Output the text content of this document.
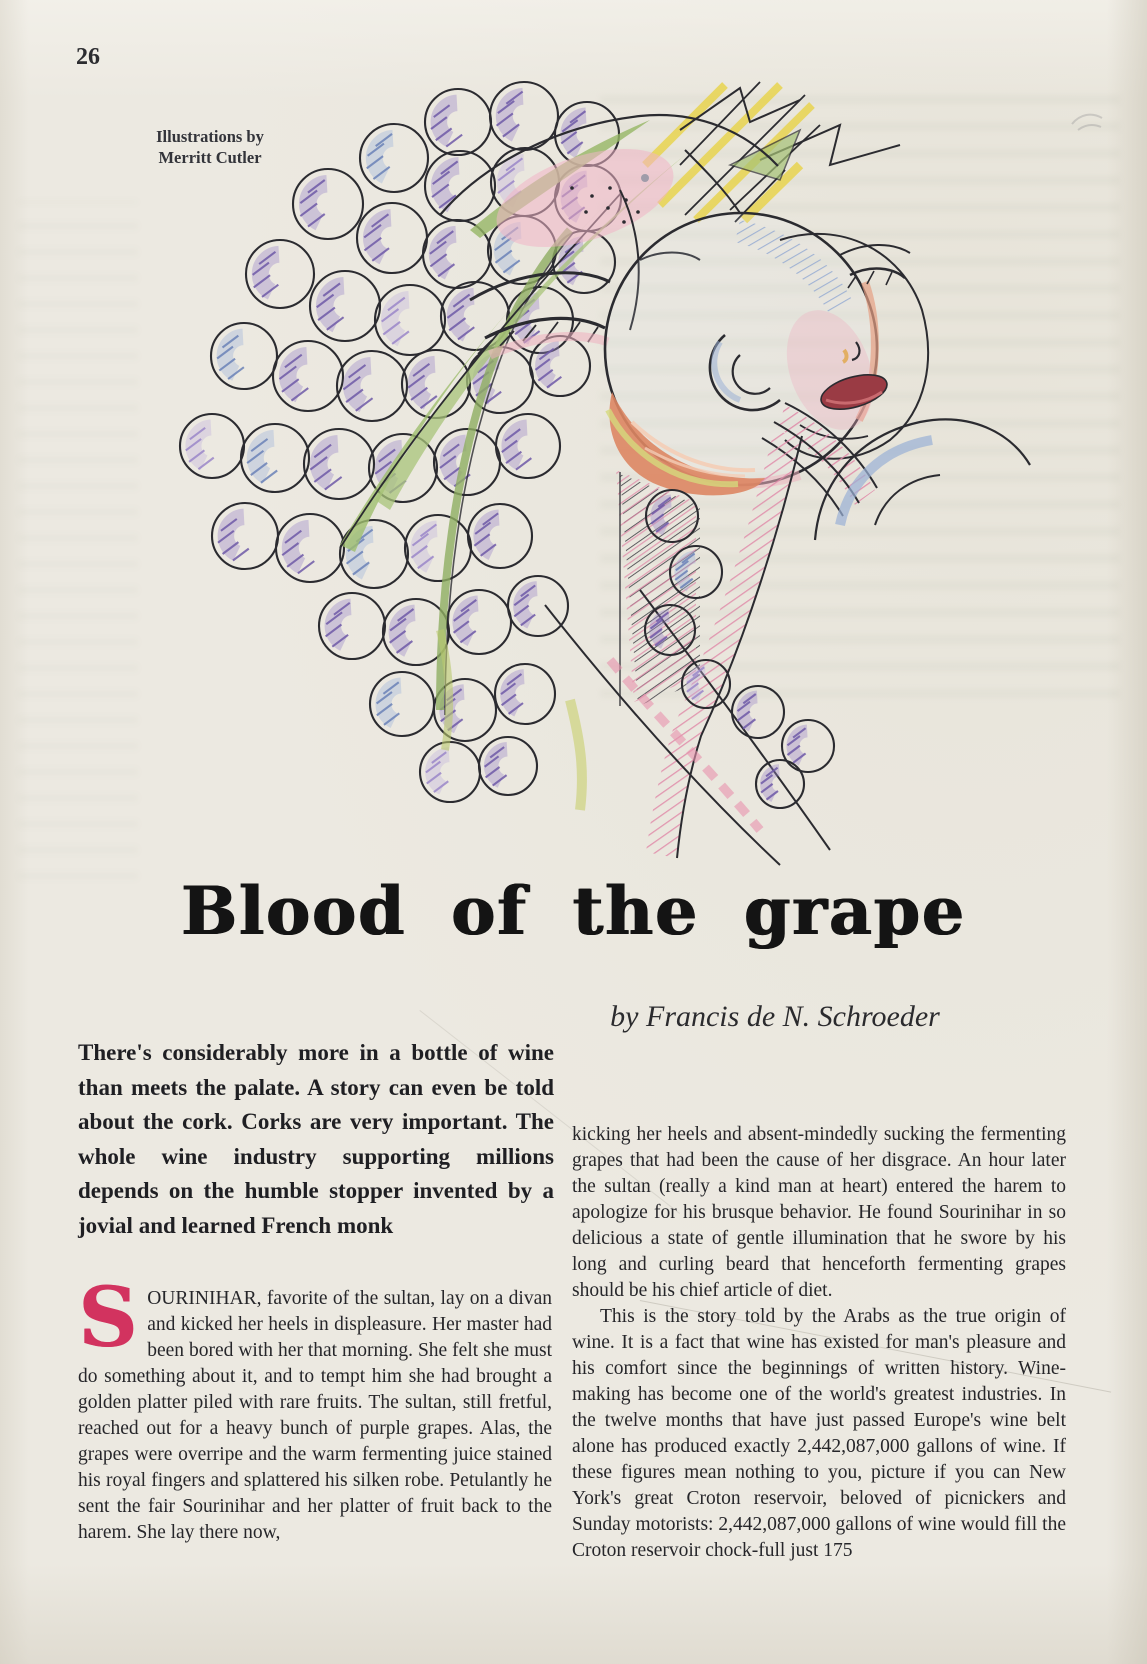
26
Illustrations by
Merritt Cutler
Blood of the grape
by Francis de N. Schroeder
There's considerably more in a bottle of wine than meets the palate. A story can even be told about the cork. Corks are very important. The whole wine industry supporting millions depends on the humble stopper invented by a jovial and learned French monk
SOURINIHAR, favorite of the sultan, lay on a divan and kicked her heels in displeasure. Her master had been bored with her that morning. She felt she must do something about it, and to tempt him she had brought a golden platter piled with rare fruits. The sultan, still fretful, reached out for a heavy bunch of purple grapes. Alas, the grapes were overripe and the warm fermenting juice stained his royal fingers and splattered his silken robe. Petulantly he sent the fair Sourinihar and her platter of fruit back to the harem. She lay there now,

kicking her heels and absent-mindedly sucking the fermenting grapes that had been the cause of her disgrace. An hour later the sultan (really a kind man at heart) entered the harem to apologize for his brusque behavior. He found Sourinihar in so delicious a state of gentle illumination that he swore by his long and curling beard that henceforth fermenting grapes should be his chief article of diet.

This is the story told by the Arabs as the true origin of wine. It is a fact that wine has existed for man's pleasure and his comfort since the beginnings of written history. Wine-making has become one of the world's greatest industries. In the twelve months that have just passed Europe's wine belt alone has produced exactly 2,442,087,000 gallons of wine. If these figures mean nothing to you, picture if you can New York's great Croton reservoir, beloved of picnickers and Sunday motorists: 2,442,087,000 gallons of wine would fill the Croton reservoir chock-full just 175
